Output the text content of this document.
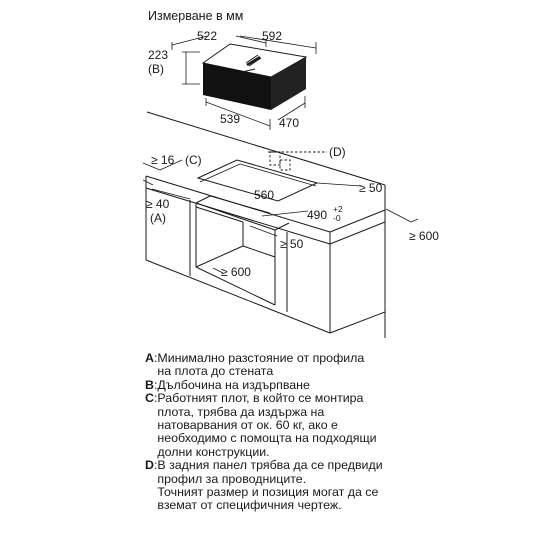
Измерване в мм
522	592
223
(B)
539	470
≥ 16 (C)
(D)
≥ 40
(A)
560
490 +2
-0
≥ 50
≥ 50
≥ 600
≥ 600
A: Минимално разстояние от профила
на плота до стената
B: Дълбочина на издърпване
C: Работният плот, в който се монтира
плота, трябва да издържа на
натоварвания от ок. 60 кг, ако е
необходимо с помощта на подходящи
долни конструкции.
D: В задния панел трябва да се предвиди
профил за проводниците.
Точният размер и позиция могат да се
вземат от специфичния чертеж.
